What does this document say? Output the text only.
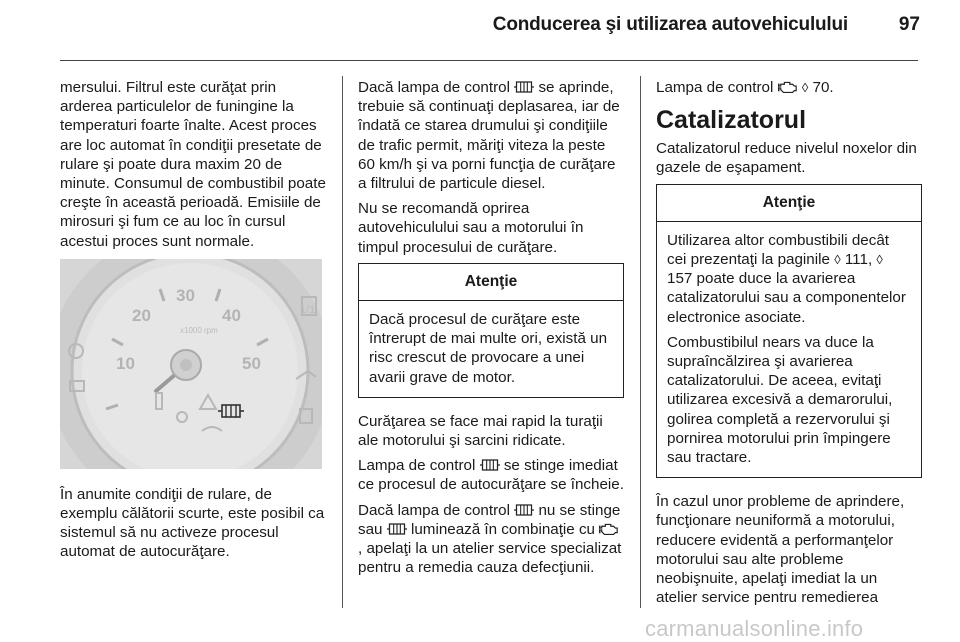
Conducerea şi utilizarea autovehiculului	97

mersului. Filtrul este curăţat prin arderea particulelor de funingine la temperaturi foarte înalte. Acest proces are loc automat în condiţii presetate de rulare şi poate dura maxim 20 de minute. Consumul de combustibil poate creşte în această perioadă. Emisiile de mirosuri şi fum ce au loc în cursul acestui proces sunt normale.

10
20
30
40
50
x1000 rpm
1/1

În anumite condiţii de rulare, de exemplu călătorii scurte, este posibil ca sistemul să nu activeze procesul automat de autocurăţare.

Dacă lampa de control se aprinde, trebuie să continuaţi deplasarea, iar de îndată ce starea drumului şi condiţiile de trafic permit, măriţi viteza la peste 60 km/h şi va porni funcţia de curăţare a filtrului de particule diesel.

Nu se recomandă oprirea autovehiculului sau a motorului în timpul procesului de curăţare.

Atenţie

Dacă procesul de curăţare este întrerupt de mai multe ori, există un risc crescut de provocare a unei avarii grave de motor.

Curăţarea se face mai rapid la turaţii ale motorului şi sarcini ridicate.

Lampa de control se stinge imediat ce procesul de autocurăţare se încheie.

Dacă lampa de control nu se stinge sau luminează în combinaţie cu  , apelaţi la un atelier service specializat pentru a remedia cauza defecţiunii.

Lampa de control ◊ 70.

Catalizatorul

Catalizatorul reduce nivelul noxelor din gazele de eşapament.

Atenţie

Utilizarea altor combustibili decât cei prezentaţi la paginile ◊ 111, ◊ 157 poate duce la avarierea catalizatorului sau a componentelor electronice asociate.

Combustibilul nears va duce la supraîncălzirea şi avarierea catalizatorului. De aceea, evitaţi utilizarea excesivă a demarorului, golirea completă a rezervorului şi pornirea motorului prin împingere sau tractare.

În cazul unor probleme de aprindere, funcţionare neuniformă a motorului, reducere evidentă a performanţelor motorului sau alte probleme neobişnuite, apelaţi imediat la un atelier service pentru remedierea

carmanualsonline.info
